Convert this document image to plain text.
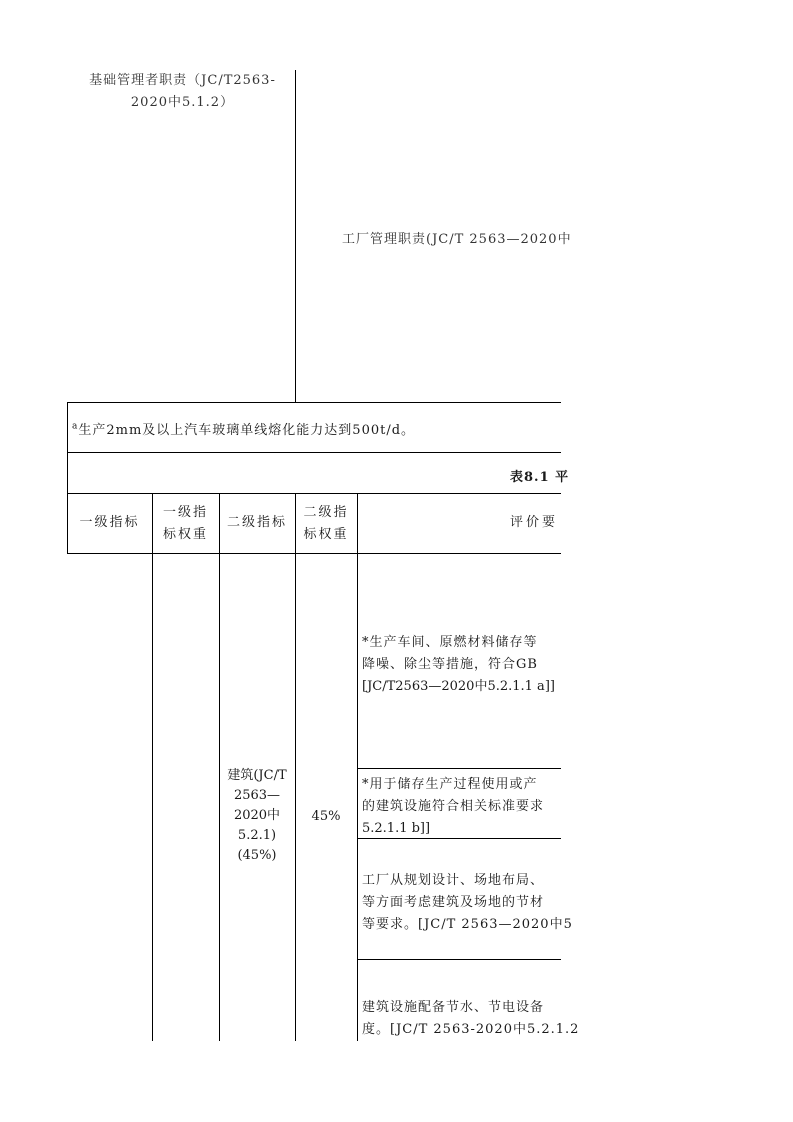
基础管理者职责（JC/T2563-
2020中5.1.2）
工厂管理职责(JC/T 2563—2020中
$^a$生产2mm及以上汽车玻璃单线熔化能力达到500t/d。
表8.1 平
一级指标
一级指
标权重
二级指标
二级指
标权重
评价要
建筑(JC/T
2563—
2020中
5.2.1)
(45%)
45%
*生产车间、原燃材料储存等
降噪、除尘等措施，符合GB
[JC/T2563—2020中5.2.1.1 a]]
*用于储存生产过程使用或产
的建筑设施符合相关标准要求
5.2.1.1 b]]
工厂从规划设计、场地布局、
等方面考虑建筑及场地的节材
等要求。[JC/T 2563—2020中5
建筑设施配备节水、节电设备
度。[JC/T 2563-2020中5.2.1.2
